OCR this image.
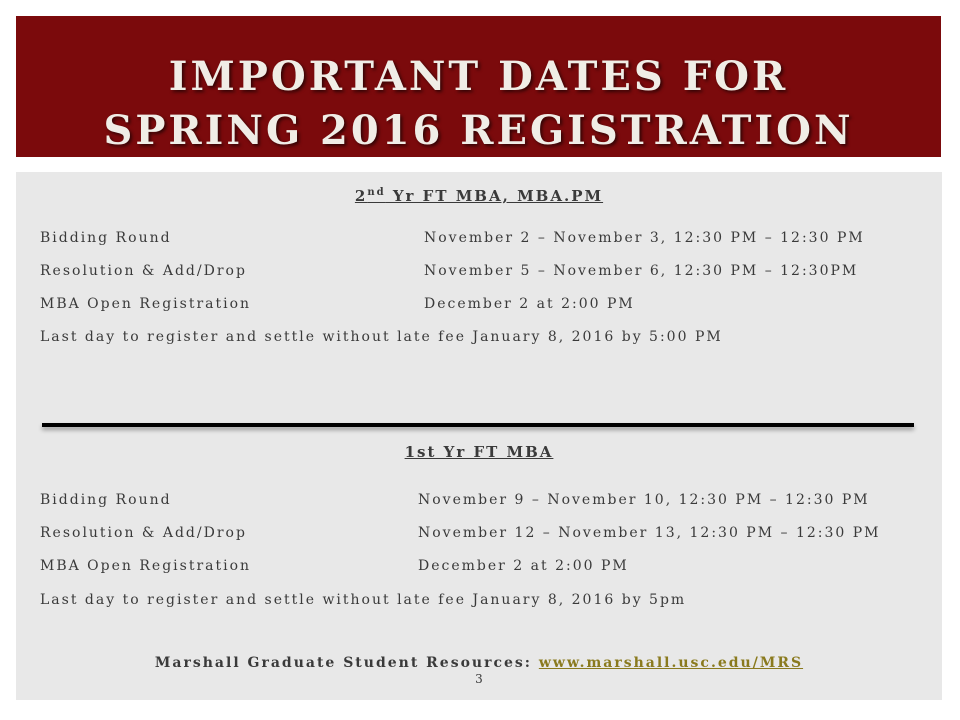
IMPORTANT DATES FOR
SPRING 2016 REGISTRATION
2nd Yr FT MBA, MBA.PM
Bidding Round	November 2 – November 3, 12:30 PM – 12:30 PM
Resolution & Add/Drop	November 5 – November 6, 12:30 PM – 12:30PM
MBA Open Registration	December 2 at 2:00 PM
Last day to register and settle without late fee January 8, 2016 by 5:00 PM
1st Yr FT MBA
Bidding Round	November 9 – November 10, 12:30 PM – 12:30 PM
Resolution & Add/Drop	November 12 – November 13, 12:30 PM – 12:30 PM
MBA Open Registration	December 2 at 2:00 PM
Last day to register and settle without late fee January 8, 2016 by 5pm
Marshall Graduate Student Resources: www.marshall.usc.edu/MRS
3
